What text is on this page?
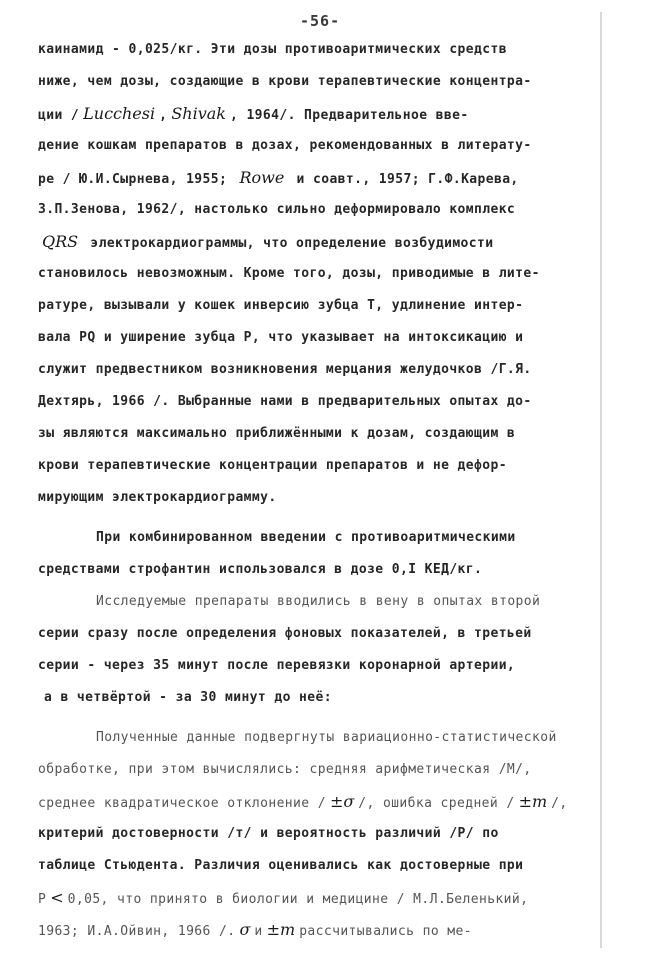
-56-
каинамид - 0,025/кг. Эти дозы противоаритмических средств
ниже, чем дозы, создающие в крови терапевтические концентра-
ции / Lucchesi , Shivak , 1964/. Предварительное вве-
дение кошкам препаратов в дозах, рекомендованных в литерату-
ре / Ю.И.Сырнева, 1955; Rowe и соавт., 1957; Г.Ф.Карева,
З.П.Зенова, 1962/, настолько сильно деформировало комплекс
QRS электрокардиограммы, что определение возбудимости
становилось невозможным. Кроме того, дозы, приводимые в лите-
ратуре, вызывали у кошек инверсию зубца Т, удлинение интер-
вала PQ и уширение зубца Р, что указывает на интоксикацию и
служит предвестником возникновения мерцания желудочков /Г.Я.
Дехтярь, 1966 /. Выбранные нами в предварительных опытах до-
зы являются максимально приближёнными к дозам, создающим в
крови терапевтические концентрации препаратов и не дефор-
мирующим электрокардиограмму.
При комбинированном введении с противоаритмическими
средствами строфантин использовался в дозе 0,I КЕД/кг.
Исследуемые препараты вводились в вену в опытах второй
серии сразу после определения фоновых показателей, в третьей
серии - через 35 минут после перевязки коронарной артерии,
а в четвёртой - за 30 минут до неё:
Полученные данные подвергнуты вариационно-статистической
обработке, при этом вычислялись: средняя арифметическая /М/,
среднее квадратическое отклонение / ±σ /, ошибка средней / ±m /,
критерий достоверности /т/ и вероятность различий /Р/ по
таблице Стьюдента. Различия оценивались как достоверные при
Р < 0,05, что принято в биологии и медицине / М.Л.Беленький,
1963; И.А.Ойвин, 1966 /. σ и ±m рассчитывались по ме-
